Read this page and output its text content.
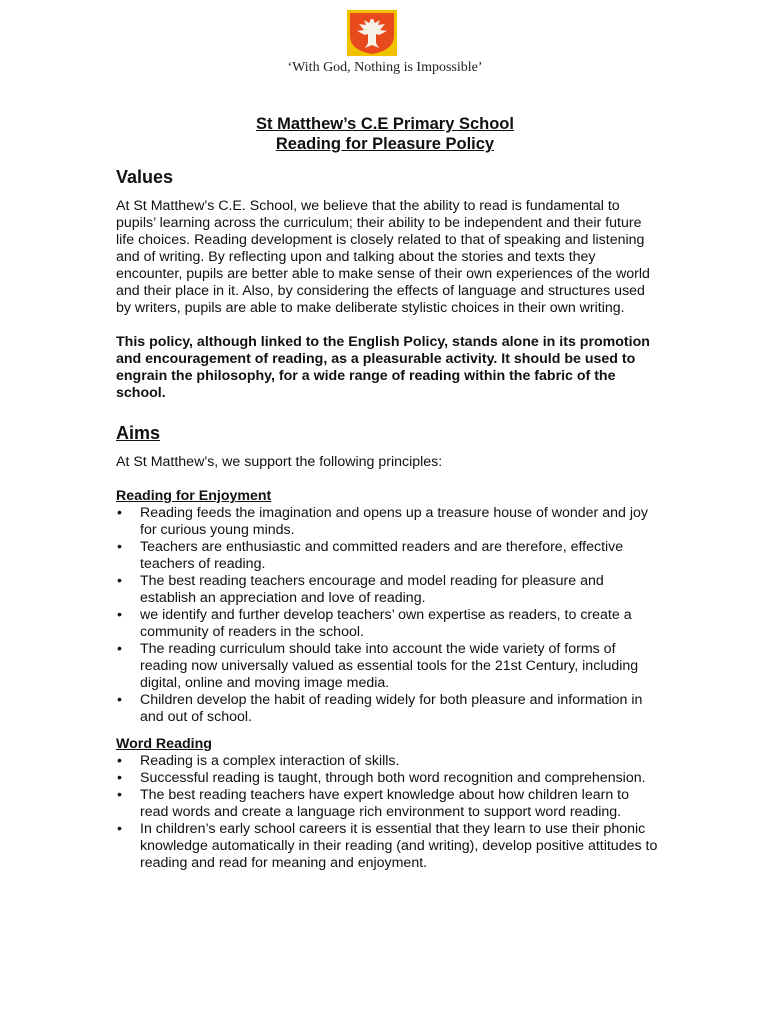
‘With God, Nothing is Impossible’
St Matthew’s C.E Primary School
Reading for Pleasure Policy
Values

At St Matthew’s C.E. School, we believe that the ability to read is fundamental to pupils’ learning across the curriculum; their ability to be independent and their future life choices. Reading development is closely related to that of speaking and listening and of writing. By reflecting upon and talking about the stories and texts they encounter, pupils are better able to make sense of their own experiences of the world and their place in it. Also, by considering the effects of language and structures used by writers, pupils are able to make deliberate stylistic choices in their own writing.

This policy, although linked to the English Policy, stands alone in its promotion and encouragement of reading, as a pleasurable activity. It should be used to engrain the philosophy, for a wide range of reading within the fabric of the school.

Aims

At St Matthew’s, we support the following principles:

Reading for Enjoyment
• Reading feeds the imagination and opens up a treasure house of wonder and joy for curious young minds.
• Teachers are enthusiastic and committed readers and are therefore, effective teachers of reading.
• The best reading teachers encourage and model reading for pleasure and establish an appreciation and love of reading.
• we identify and further develop teachers’ own expertise as readers, to create a community of readers in the school.
• The reading curriculum should take into account the wide variety of forms of reading now universally valued as essential tools for the 21st Century, including digital, online and moving image media.
• Children develop the habit of reading widely for both pleasure and information in and out of school.
Word Reading
• Reading is a complex interaction of skills.
• Successful reading is taught, through both word recognition and comprehension.
• The best reading teachers have expert knowledge about how children learn to read words and create a language rich environment to support word reading.
• In children’s early school careers it is essential that they learn to use their phonic knowledge automatically in their reading (and writing), develop positive attitudes to reading and read for meaning and enjoyment.
